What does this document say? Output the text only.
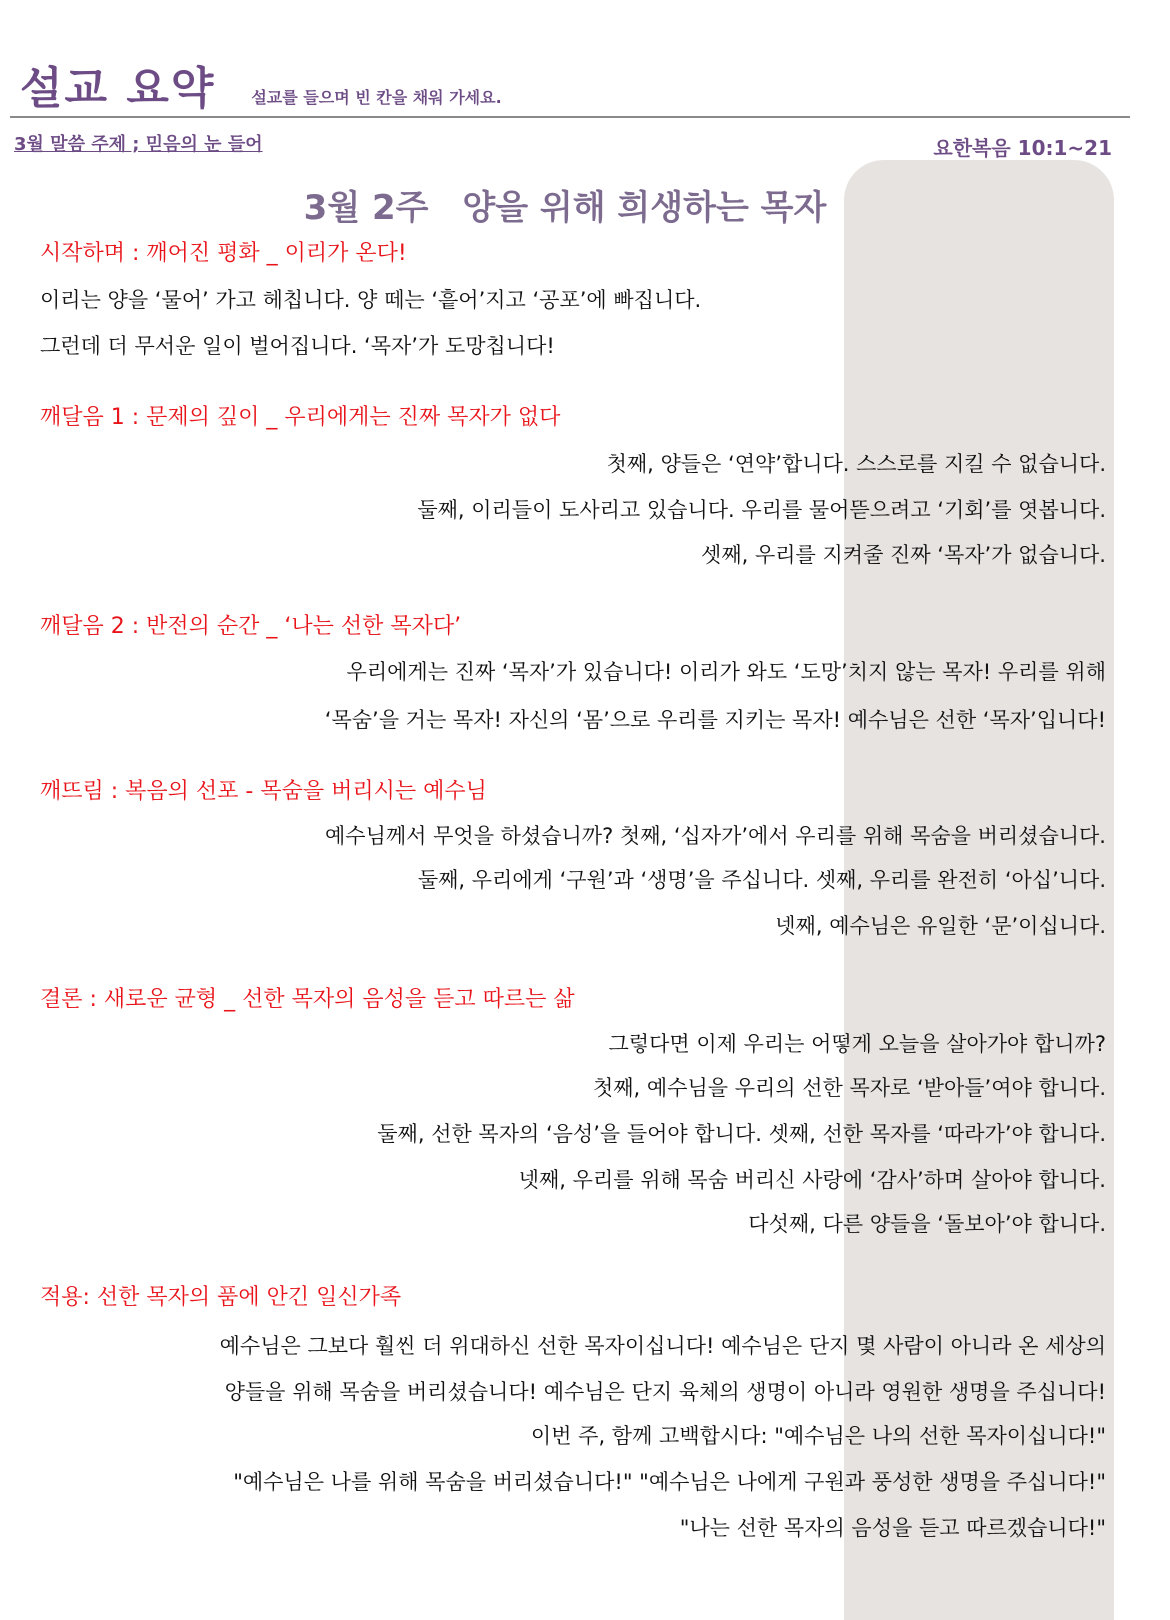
설교 요약 설교를 들으며 빈 칸을 채워 가세요.
3월 말씀 주제 ; 믿음의 눈 들어	요한복음 10:1~21
3월 2주 양을 위해 희생하는 목자
시작하며 : 깨어진 평화 _ 이리가 온다!
이리는 양을 ‘물어’ 가고 헤칩니다. 양 떼는 ‘흩어’지고 ‘공포’에 빠집니다.
그런데 더 무서운 일이 벌어집니다. ‘목자’가 도망칩니다!
깨달음 1 : 문제의 깊이 _ 우리에게는 진짜 목자가 없다
첫째, 양들은 ‘연약’합니다. 스스로를 지킬 수 없습니다.
둘째, 이리들이 도사리고 있습니다. 우리를 물어뜯으려고 ‘기회’를 엿봅니다.
셋째, 우리를 지켜줄 진짜 ‘목자’가 없습니다.
깨달음 2 : 반전의 순간 _ ‘나는 선한 목자다’
우리에게는 진짜 ‘목자’가 있습니다! 이리가 와도 ‘도망’치지 않는 목자! 우리를 위해
‘목숨’을 거는 목자! 자신의 ‘몸’으로 우리를 지키는 목자! 예수님은 선한 ‘목자’입니다!
깨뜨림 : 복음의 선포 - 목숨을 버리시는 예수님
예수님께서 무엇을 하셨습니까? 첫째, ‘십자가’에서 우리를 위해 목숨을 버리셨습니다.
둘째, 우리에게 ‘구원’과 ‘생명’을 주십니다. 셋째, 우리를 완전히 ‘아십’니다.
넷째, 예수님은 유일한 ‘문’이십니다.
결론 : 새로운 균형 _ 선한 목자의 음성을 듣고 따르는 삶
그렇다면 이제 우리는 어떻게 오늘을 살아가야 합니까?
첫째, 예수님을 우리의 선한 목자로 ‘받아들’여야 합니다.
둘째, 선한 목자의 ‘음성’을 들어야 합니다. 셋째, 선한 목자를 ‘따라가’야 합니다.
넷째, 우리를 위해 목숨 버리신 사랑에 ‘감사’하며 살아야 합니다.
다섯째, 다른 양들을 ‘돌보아’야 합니다.
적용: 선한 목자의 품에 안긴 일신가족
예수님은 그보다 훨씬 더 위대하신 선한 목자이십니다! 예수님은 단지 몇 사람이 아니라 온 세상의
양들을 위해 목숨을 버리셨습니다! 예수님은 단지 육체의 생명이 아니라 영원한 생명을 주십니다!
이번 주, 함께 고백합시다: "예수님은 나의 선한 목자이십니다!"
"예수님은 나를 위해 목숨을 버리셨습니다!" "예수님은 나에게 구원과 풍성한 생명을 주십니다!"
"나는 선한 목자의 음성을 듣고 따르겠습니다!"
